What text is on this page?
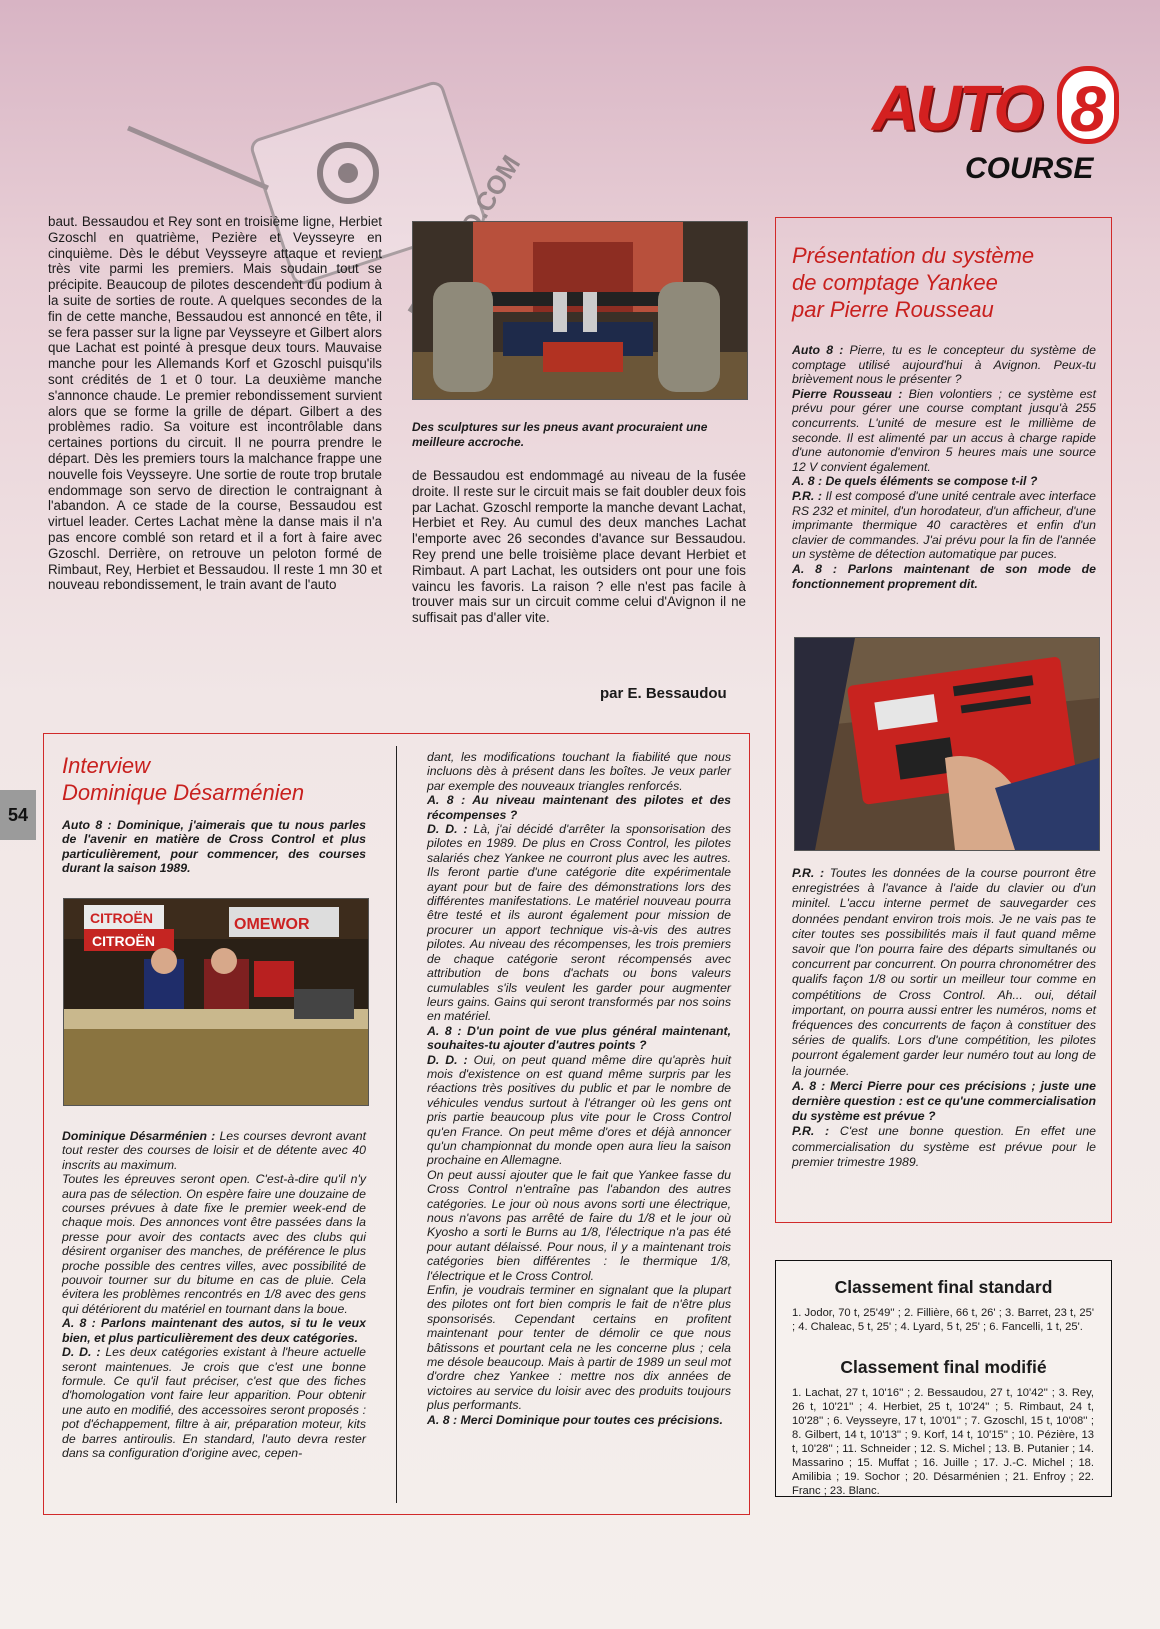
AUTO 8
COURSE
54

baut. Bessaudou et Rey sont en troisième ligne, Herbiet Gzoschl en quatrième, Pezière et Veysseyre en cinquième. Dès le début Veysseyre attaque et revient très vite parmi les premiers. Mais soudain tout se précipite. Beaucoup de pilotes descendent du podium à la suite de sorties de route. A quelques secondes de la fin de cette manche, Bessaudou est annoncé en tête, il se fera passer sur la ligne par Veysseyre et Gilbert alors que Lachat est pointé à presque deux tours. Mauvaise manche pour les Allemands Korf et Gzoschl puisqu'ils sont crédités de 1 et 0 tour. La deuxième manche s'annonce chaude. Le premier rebondissement survient alors que se forme la grille de départ. Gilbert a des problèmes radio. Sa voiture est incontrôlable dans certaines portions du circuit. Il ne pourra prendre le départ. Dès les premiers tours la malchance frappe une nouvelle fois Veysseyre. Une sortie de route trop brutale endommage son servo de direction le contraignant à l'abandon. A ce stade de la course, Bessaudou est virtuel leader. Certes Lachat mène la danse mais il n'a pas encore comblé son retard et il a fort à faire avec Gzoschl. Derrière, on retrouve un peloton formé de Rimbaut, Rey, Herbiet et Bessaudou. Il reste 1 mn 30 et nouveau rebondissement, le train avant de l'auto

Des sculptures sur les pneus avant procuraient une meilleure accroche.

de Bessaudou est endommagé au niveau de la fusée droite. Il reste sur le circuit mais se fait doubler deux fois par Lachat. Gzoschl remporte la manche devant Lachat, Herbiet et Rey. Au cumul des deux manches Lachat l'emporte avec 26 secondes d'avance sur Bessaudou. Rey prend une belle troisième place devant Herbiet et Rimbaut. A part Lachat, les outsiders ont pour une fois vaincu les favoris. La raison ? elle n'est pas facile à trouver mais sur un circuit comme celui d'Avignon il ne suffisait pas d'aller vite.

par E. Bessaudou
Présentation du système
de comptage Yankee
par Pierre Rousseau

Auto 8 : Pierre, tu es le concepteur du système de comptage utilisé aujourd'hui à Avignon. Peux-tu brièvement nous le présenter ?

Pierre Rousseau : Bien volontiers ; ce système est prévu pour gérer une course comptant jusqu'à 255 concurrents. L'unité de mesure est le millième de seconde. Il est alimenté par un accus à charge rapide d'une autonomie d'environ 5 heures mais une source 12 V convient également.

A. 8 : De quels éléments se compose t-il ?

P.R. : Il est composé d'une unité centrale avec interface RS 232 et minitel, d'un horodateur, d'un afficheur, d'une imprimante thermique 40 caractères et enfin d'un clavier de commandes. J'ai prévu pour la fin de l'année un système de détection automatique par puces.

A. 8 : Parlons maintenant de son mode de fonctionnement proprement dit.

P.R. : Toutes les données de la course pourront être enregistrées à l'avance à l'aide du clavier ou d'un minitel. L'accu interne permet de sauvegarder ces données pendant environ trois mois. Je ne vais pas te citer toutes ses possibilités mais il faut quand même savoir que l'on pourra faire des départs simultanés ou concurrent par concurrent. On pourra chronométrer des qualifs façon 1/8 ou sortir un meilleur tour comme en compétitions de Cross Control. Ah... oui, détail important, on pourra aussi entrer les numéros, noms et fréquences des concurrents de façon à constituer des séries de qualifs. Lors d'une compétition, les pilotes pourront également garder leur numéro tout au long de la journée.

A. 8 : Merci Pierre pour ces précisions ; juste une dernière question : est ce qu'une commercialisation du système est prévue ?

P.R. : C'est une bonne question. En effet une commercialisation du système est prévue pour le premier trimestre 1989.

Interview
Dominique Désarménien
Auto 8 : Dominique, j'aimerais que tu nous parles de l'avenir en matière de Cross Control et plus particulièrement, pour commencer, des courses durant la saison 1989.

Dominique Désarménien : Les courses devront avant tout rester des courses de loisir et de détente avec 40 inscrits au maximum.

Toutes les épreuves seront open. C'est-à-dire qu'il n'y aura pas de sélection. On espère faire une douzaine de courses prévues à date fixe le premier week-end de chaque mois. Des annonces vont être passées dans la presse pour avoir des contacts avec des clubs qui désirent organiser des manches, de préférence le plus proche possible des centres villes, avec possibilité de pouvoir tourner sur du bitume en cas de pluie. Cela évitera les problèmes rencontrés en 1/8 avec des gens qui détériorent du matériel en tournant dans la boue.

A. 8 : Parlons maintenant des autos, si tu le veux bien, et plus particulièrement des deux catégories.

D. D. : Les deux catégories existant à l'heure actuelle seront maintenues. Je crois que c'est une bonne formule. Ce qu'il faut préciser, c'est que des fiches d'homologation vont faire leur apparition. Pour obtenir une auto en modifié, des accessoires seront proposés : pot d'échappement, filtre à air, préparation moteur, kits de barres antiroulis. En standard, l'auto devra rester dans sa configuration d'origine avec, cepen-

dant, les modifications touchant la fiabilité que nous incluons dès à présent dans les boîtes. Je veux parler par exemple des nouveaux triangles renforcés.

A. 8 : Au niveau maintenant des pilotes et des récompenses ?

D. D. : Là, j'ai décidé d'arrêter la sponsorisation des pilotes en 1989. De plus en Cross Control, les pilotes salariés chez Yankee ne courront plus avec les autres. Ils feront partie d'une catégorie dite expérimentale ayant pour but de faire des démonstrations lors des différentes manifestations. Le matériel nouveau pourra être testé et ils auront également pour mission de procurer un apport technique vis-à-vis des autres pilotes. Au niveau des récompenses, les trois premiers de chaque catégorie seront récompensés avec attribution de bons d'achats ou bons valeurs cumulables s'ils veulent les garder pour augmenter leurs gains. Gains qui seront transformés par nos soins en matériel.

A. 8 : D'un point de vue plus général maintenant, souhaites-tu ajouter d'autres points ?

D. D. : Oui, on peut quand même dire qu'après huit mois d'existence on est quand même surpris par les réactions très positives du public et par le nombre de véhicules vendus surtout à l'étranger où les gens ont pris partie beaucoup plus vite pour le Cross Control qu'en France. On peut même d'ores et déjà annoncer qu'un championnat du monde open aura lieu la saison prochaine en Allemagne.

On peut aussi ajouter que le fait que Yankee fasse du Cross Control n'entraîne pas l'abandon des autres catégories. Le jour où nous avons sorti une électrique, nous n'avons pas arrêté de faire du 1/8 et le jour où Kyosho a sorti le Burns au 1/8, l'électrique n'a pas été pour autant délaissé. Pour nous, il y a maintenant trois catégories bien différentes : le thermique 1/8, l'électrique et le Cross Control.

Enfin, je voudrais terminer en signalant que la plupart des pilotes ont fort bien compris le fait de n'être plus sponsorisés. Cependant certains en profitent maintenant pour tenter de démolir ce que nous bâtissons et pourtant cela ne les concerne plus ; cela me désole beaucoup. Mais à partir de 1989 un seul mot d'ordre chez Yankee : mettre nos dix années de victoires au service du loisir avec des produits toujours plus performants.

A. 8 : Merci Dominique pour toutes ces précisions.

CITROËN
CITROËN
OMEWOR
Classement final standard
1. Jodor, 70 t, 25'49'' ; 2. Fillière, 66 t, 26' ; 3. Barret, 23 t, 25' ; 4. Chaleac, 5 t, 25' ; 4. Lyard, 5 t, 25' ; 6. Fancelli, 1 t, 25'.
Classement final modifié
1. Lachat, 27 t, 10'16'' ; 2. Bessaudou, 27 t, 10'42'' ; 3. Rey, 26 t, 10'21'' ; 4. Herbiet, 25 t, 10'24'' ; 5. Rimbaut, 24 t, 10'28'' ; 6. Veysseyre, 17 t, 10'01'' ; 7. Gzoschl, 15 t, 10'08'' ; 8. Gilbert, 14 t, 10'13'' ; 9. Korf, 14 t, 10'15'' ; 10. Pézière, 13 t, 10'28'' ; 11. Schneider ; 12. S. Michel ; 13. B. Putanier ; 14. Massarino ; 15. Muffat ; 16. Juille ; 17. J.-C. Michel ; 18. Amilibia ; 19. Sochor ; 20. Désarménien ; 21. Enfroy ; 22. Franc ; 23. Blanc.
